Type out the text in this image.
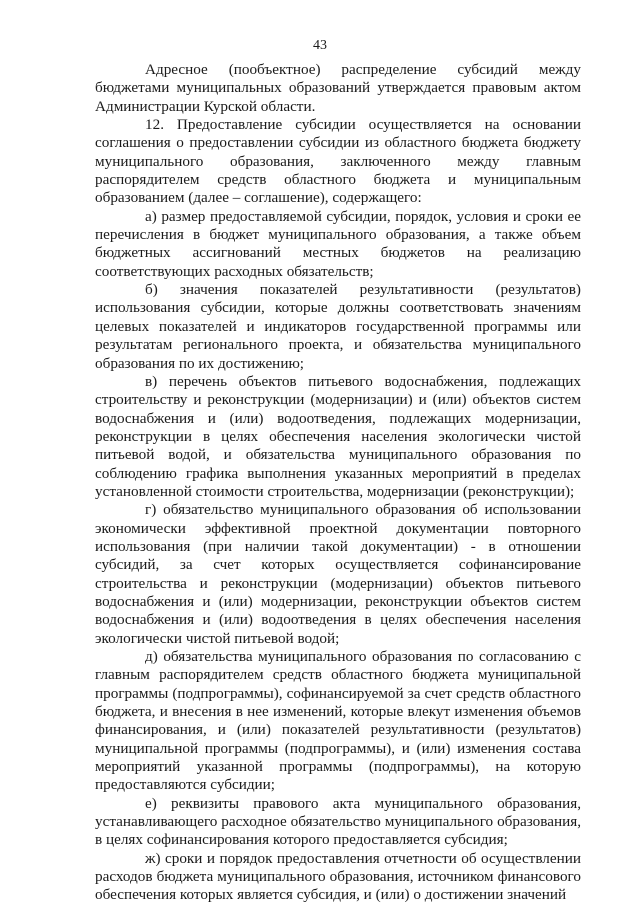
43

Адресное (пообъектное) распределение субсидий между бюджетами муниципальных образований утверждается правовым актом Администрации Курской области.

12. Предоставление субсидии осуществляется на основании соглашения о предоставлении субсидии из областного бюджета бюджету муниципального образования, заключенного между главным распорядителем средств областного бюджета и муниципальным образованием (далее – соглашение), содержащего:

а) размер предоставляемой субсидии, порядок, условия и сроки ее перечисления в бюджет муниципального образования, а также объем бюджетных ассигнований местных бюджетов на реализацию соответствующих расходных обязательств;

б) значения показателей результативности (результатов) использования субсидии, которые должны соответствовать значениям целевых показателей и индикаторов государственной программы или результатам регионального проекта, и обязательства муниципального образования по их достижению;

в) перечень объектов питьевого водоснабжения, подлежащих строительству и реконструкции (модернизации) и (или) объектов систем водоснабжения и (или) водоотведения, подлежащих модернизации, реконструкции в целях обеспечения населения экологически чистой питьевой водой, и обязательства муниципального образования по соблюдению графика выполнения указанных мероприятий в пределах установленной стоимости строительства, модернизации (реконструкции);

г) обязательство муниципального образования об использовании экономически эффективной проектной документации повторного использования (при наличии такой документации) - в отношении субсидий, за счет которых осуществляется софинансирование строительства и реконструкции (модернизации) объектов питьевого водоснабжения и (или) модернизации, реконструкции объектов систем водоснабжения и (или) водоотведения в целях обеспечения населения экологически чистой питьевой водой;

д) обязательства муниципального образования по согласованию с главным распорядителем средств областного бюджета муниципальной программы (подпрограммы), софинансируемой за счет средств областного бюджета, и внесения в нее изменений, которые влекут изменения объемов финансирования, и (или) показателей результативности (результатов) муниципальной программы (подпрограммы), и (или) изменения состава мероприятий указанной программы (подпрограммы), на которую предоставляются субсидии;

е) реквизиты правового акта муниципального образования, устанавливающего расходное обязательство муниципального образования, в целях софинансирования которого предоставляется субсидия;

ж) сроки и порядок предоставления отчетности об осуществлении расходов бюджета муниципального образования, источником финансового обеспечения которых является субсидия, и (или) о достижении значений
